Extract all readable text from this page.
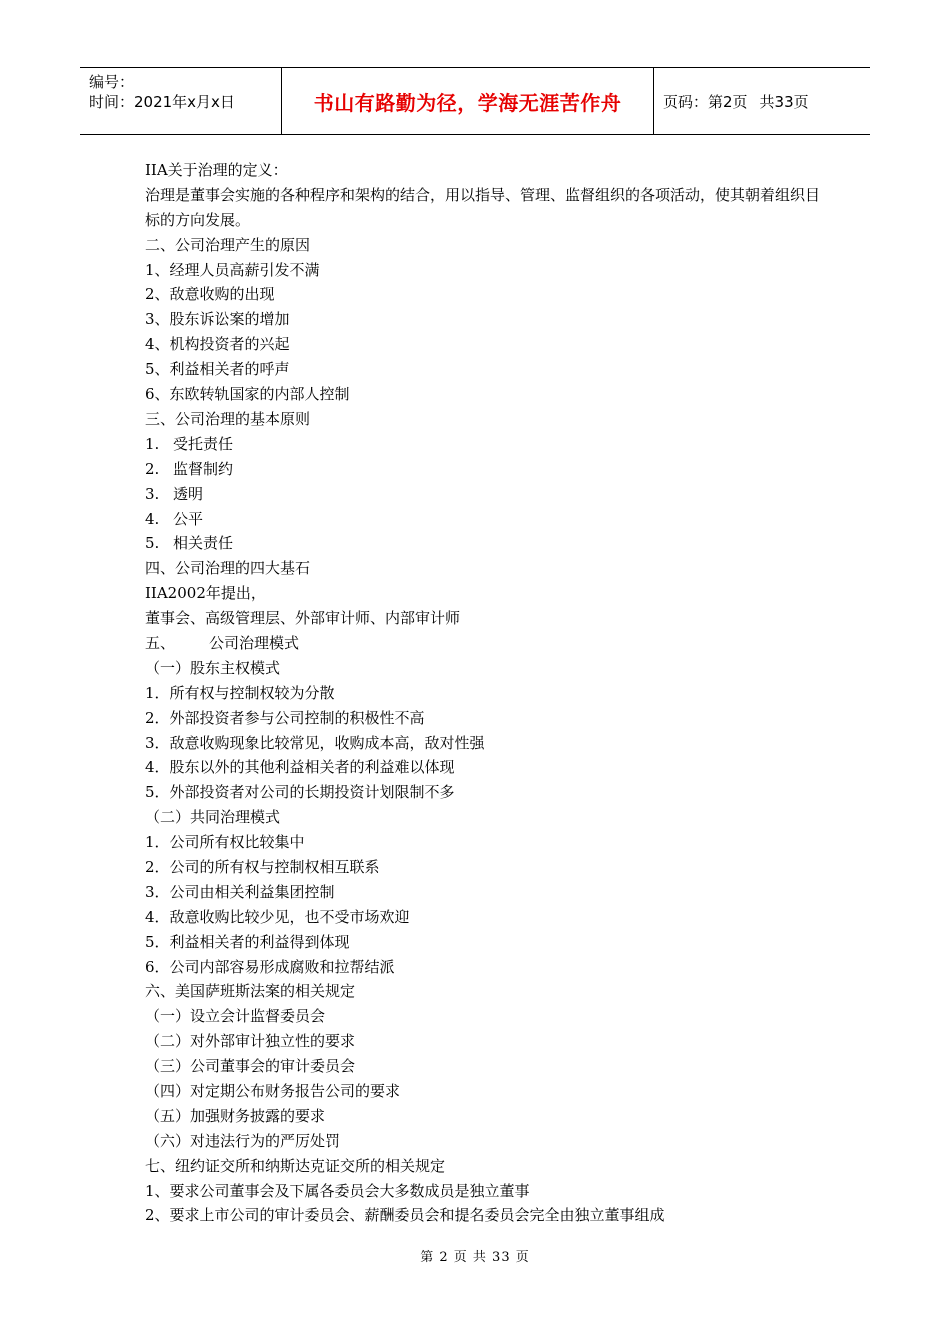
编号：
时间：2021年x月x日	书山有路勤为径，学海无涯苦作舟	页码：第2页 共33页
IIA关于治理的定义：
治理是董事会实施的各种程序和架构的结合，用以指导、管理、监督组织的各项活动，使其朝着组织目标的方向发展。
二、公司治理产生的原因
1、经理人员高薪引发不满
2、敌意收购的出现
3、股东诉讼案的增加
4、机构投资者的兴起
5、利益相关者的呼声
6、东欧转轨国家的内部人控制
三、公司治理的基本原则
1. 受托责任
2. 监督制约
3. 透明
4. 公平
5. 相关责任
四、公司治理的四大基石
IIA2002年提出，
董事会、高级管理层、外部审计师、内部审计师
五、 公司治理模式
（一）股东主权模式
1．所有权与控制权较为分散
2．外部投资者参与公司控制的积极性不高
3．敌意收购现象比较常见，收购成本高，敌对性强
4．股东以外的其他利益相关者的利益难以体现
5．外部投资者对公司的长期投资计划限制不多
（二）共同治理模式
1．公司所有权比较集中
2．公司的所有权与控制权相互联系
3．公司由相关利益集团控制
4．敌意收购比较少见，也不受市场欢迎
5．利益相关者的利益得到体现
6．公司内部容易形成腐败和拉帮结派
六、美国萨班斯法案的相关规定
（一）设立会计监督委员会
（二）对外部审计独立性的要求
（三）公司董事会的审计委员会
（四）对定期公布财务报告公司的要求
（五）加强财务披露的要求
（六）对违法行为的严厉处罚
七、纽约证交所和纳斯达克证交所的相关规定
1、要求公司董事会及下属各委员会大多数成员是独立董事
2、要求上市公司的审计委员会、薪酬委员会和提名委员会完全由独立董事组成
第 2 页 共 33 页
